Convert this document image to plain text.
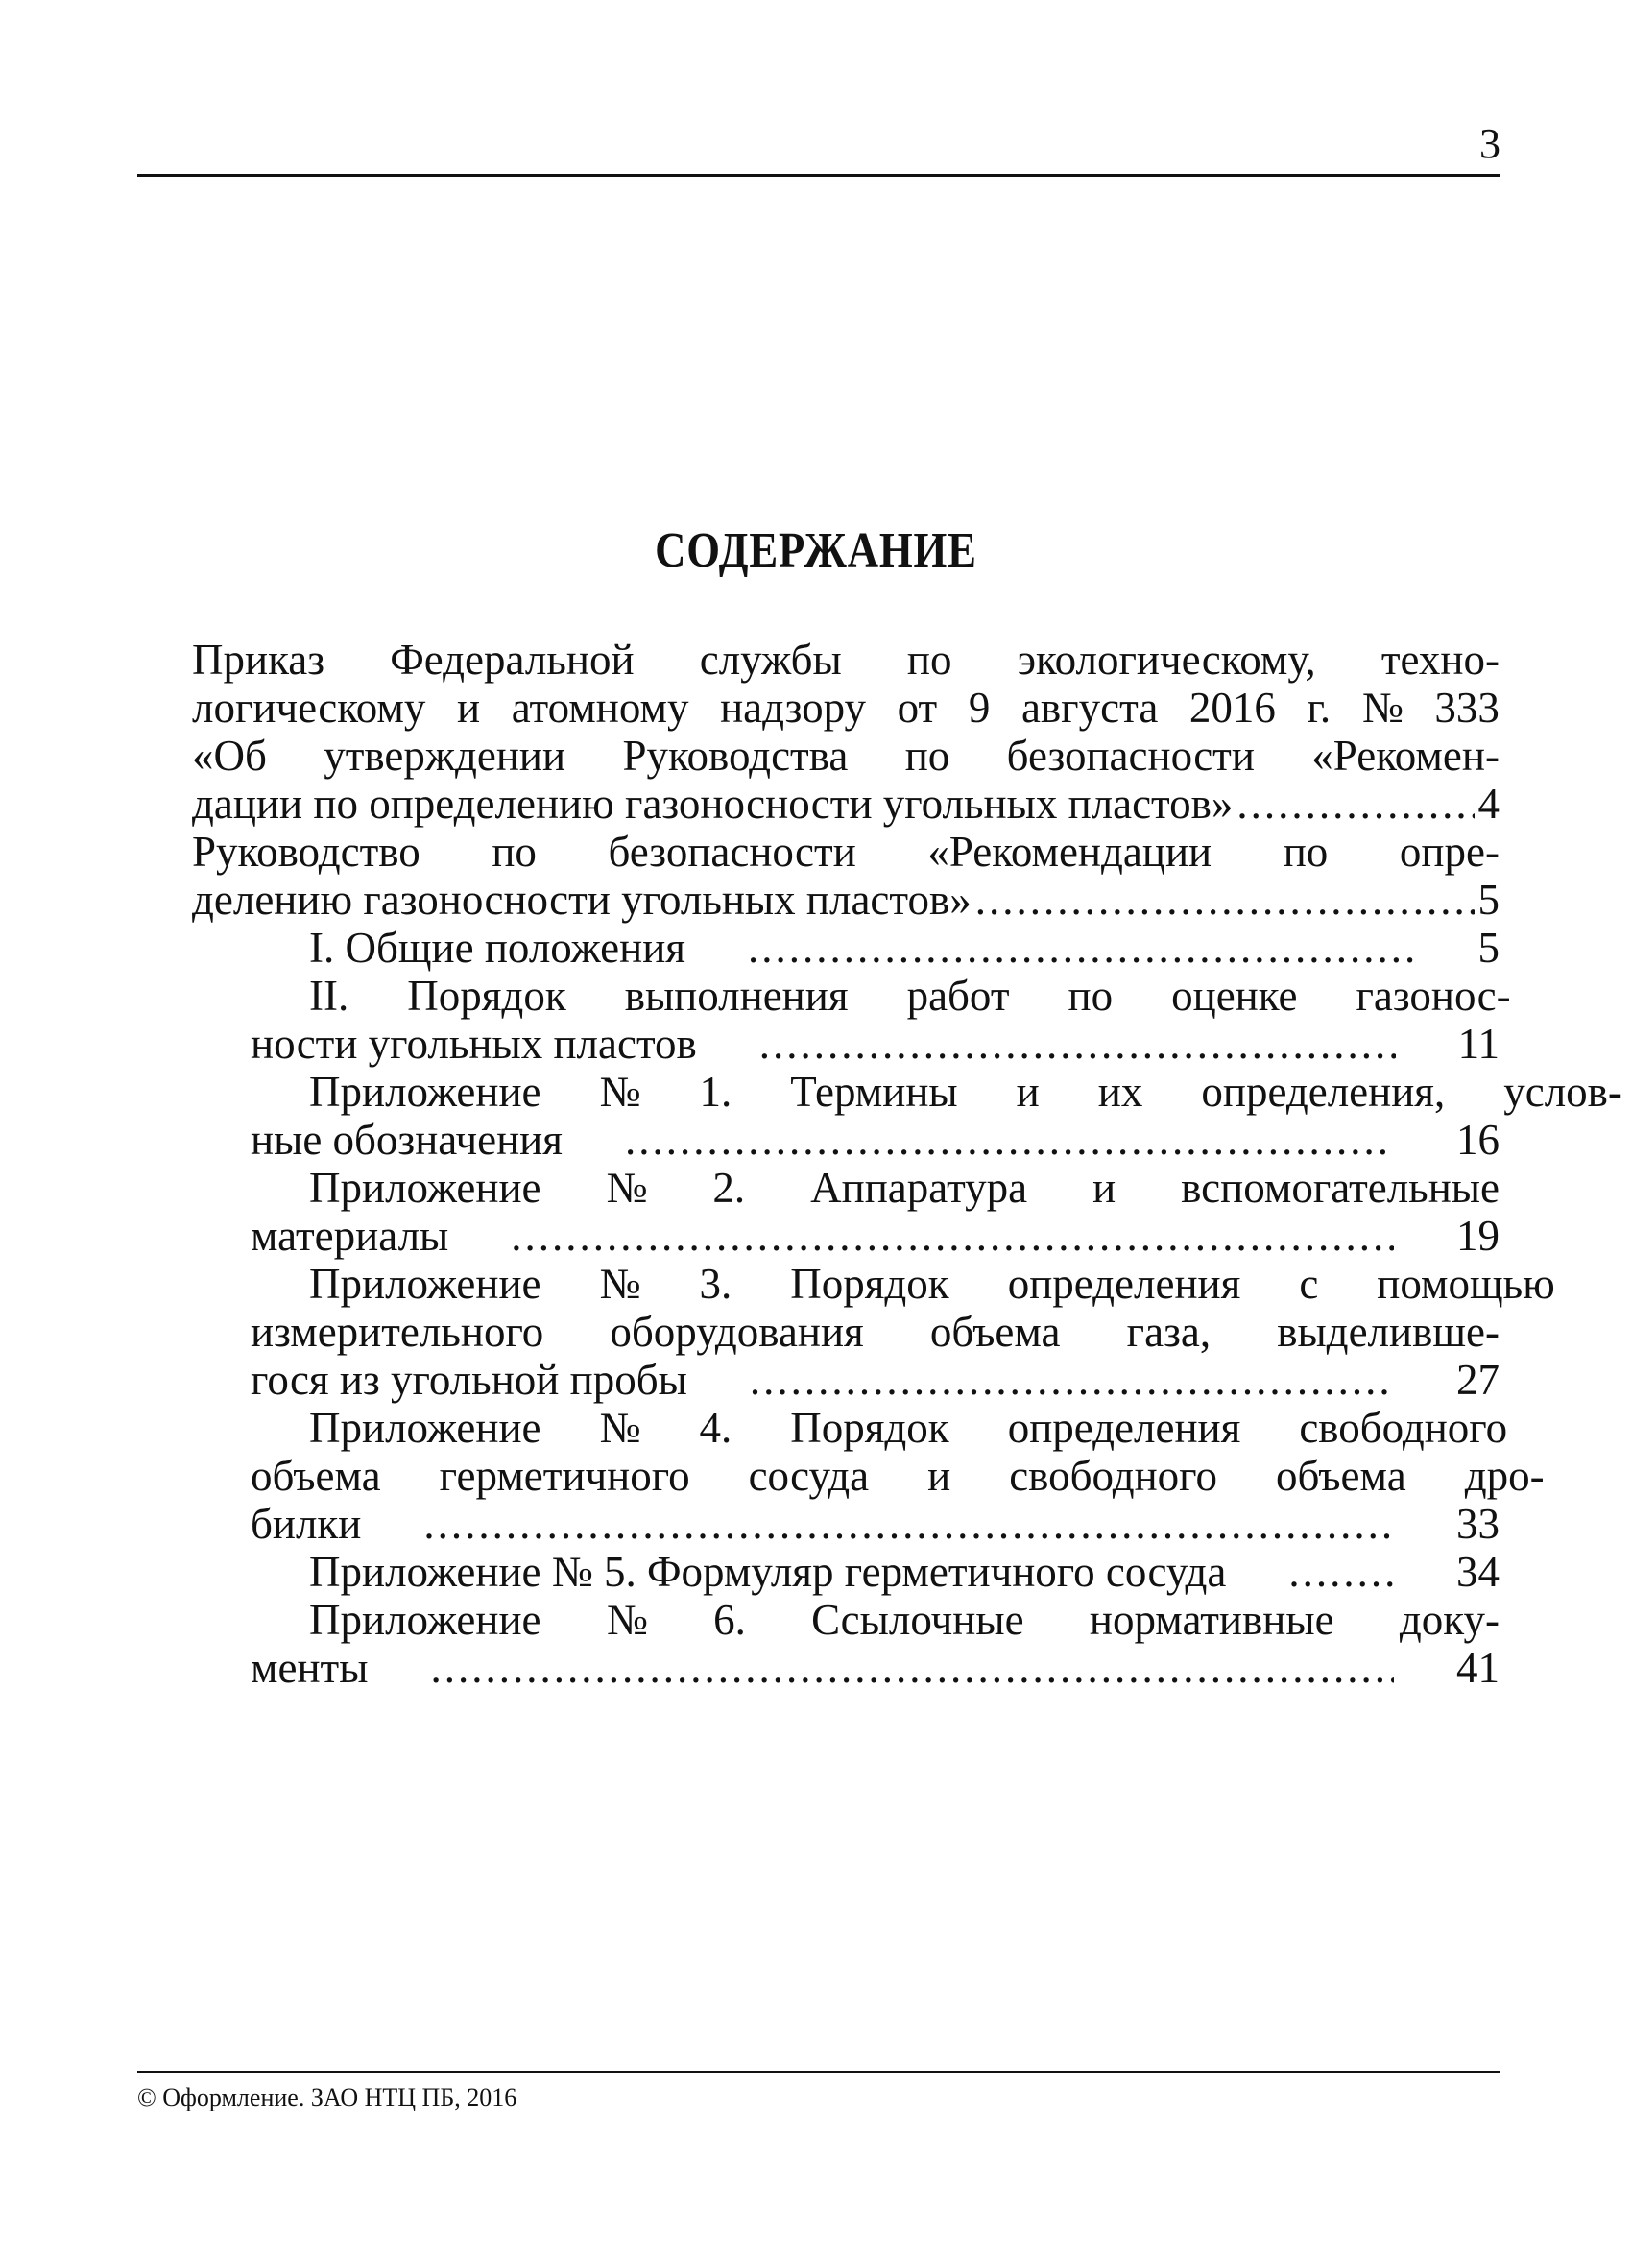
3
СОДЕРЖАНИЕ
Приказ Федеральной службы по экологическому, техно-
логическому и атомному надзору от 9 августа 2016 г. № 333
«Об утверждении Руководства по безопасности «Рекомен-
дации по определению газоносности угольных пластов» .....	4
Руководство по безопасности «Рекомендации по опре-
делению газоносности угольных пластов» .....	5
I. Общие положения .....	5
II.	Порядок	выполнения	работ	по	оценке	газонос-
ности угольных пластов .....	11
Приложение	№	1.	Термины	и	их	определения,	услов-
ные обозначения .....	16
Приложение	№	2.	Аппаратура	и	вспомогательные
материалы .....	19
Приложение	№	3.	Порядок	определения	с	помощью
измерительного	оборудования	объема	газа,	выделивше-
гося из угольной пробы .....	27
Приложение	№	4.	Порядок	определения	свободного
объема	герметичного	сосуда	и	свободного	объема	дро-
билки .....	33
Приложение № 5. Формуляр герметичного сосуда .....	34
Приложение	№	6.	Ссылочные	нормативные	доку-
менты .....	41
© Оформление. ЗАО НТЦ ПБ, 2016
